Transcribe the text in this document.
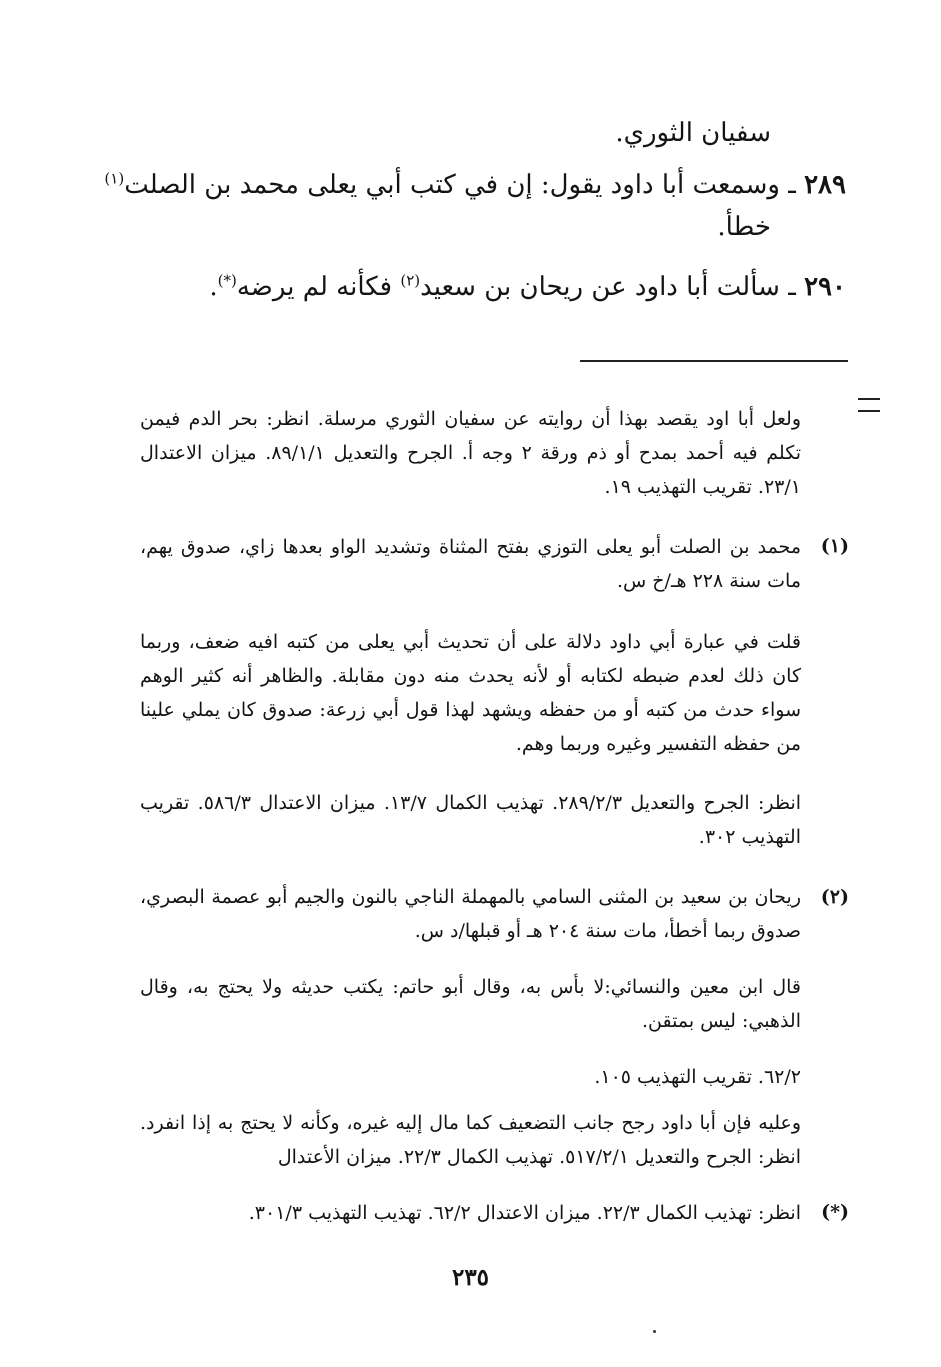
سفيان الثوري.

٢٨٩ ـ وسمعت أبا داود يقول: إن في كتب أبي يعلى محمد بن الصلت$^{(١)}$

خطأ.

٢٩٠ ـ سألت أبا داود عن ريحان بن سعيد$^{(٢)}$ فكأنه لم يرضه(*).

ولعل أبا اود يقصد بهذا أن روايته عن سفيان الثوري مرسلة. انظر: بحر الدم فيمن تكلم فيه أحمد بمدح أو ذم ورقة ٢ وجه أ. الجرح والتعديل ٨٩/١/١. ميزان الاعتدال ٢٣/١. تقريب التهذيب ١٩.

(١)

محمد بن الصلت أبو يعلى التوزي بفتح المثناة وتشديد الواو بعدها زاي، صدوق يهم، مات سنة ٢٢٨ هـ/خ س.

قلت في عبارة أبي داود دلالة على أن تحديث أبي يعلى من كتبه افيه ضعف، وربما كان ذلك لعدم ضبطه لكتابه أو لأنه يحدث منه دون مقابلة. والظاهر أنه كثير الوهم سواء حدث من كتبه أو من حفظه ويشهد لهذا قول أبي زرعة: صدوق كان يملي علينا من حفظه التفسير وغيره وربما وهم.

انظر: الجرح والتعديل ٢٨٩/٢/٣. تهذيب الكمال ١٣/٧. ميزان الاعتدال ٥٨٦/٣. تقريب التهذيب ٣٠٢.

(٢)

ريحان بن سعيد بن المثنى السامي بالمهملة الناجي بالنون والجيم أبو عصمة البصري، صدوق ربما أخطأ، مات سنة ٢٠٤ هـ أو قبلها/د س.

قال ابن معين والنسائي:لا بأس به، وقال أبو حاتم: يكتب حديثه ولا يحتج به، وقال الذهبي: ليس بمتقن.

٦٢/٢. تقريب التهذيب ١٠٥.

وعليه فإن أبا داود رجح جانب التضعيف كما مال إليه غيره، وكأنه لا يحتج به إذا انفرد. انظر: الجرح والتعديل ٥١٧/٢/١. تهذيب الكمال ٢٢/٣. ميزان الأعتدال

(*)

انظر: تهذيب الكمال ٢٢/٣. ميزان الاعتدال ٦٢/٢. تهذيب التهذيب ٣٠١/٣.

٢٣٥
